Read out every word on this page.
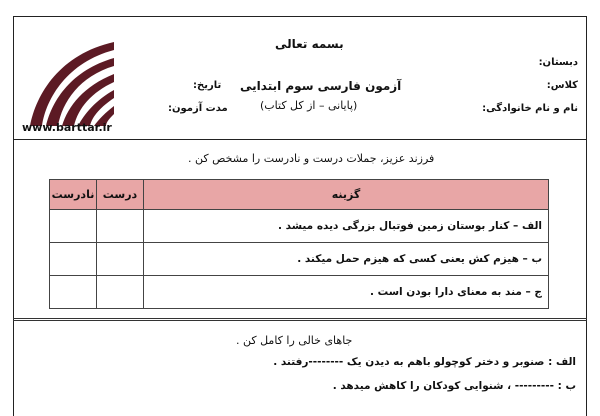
بسمه تعالی
آزمون فارسی سوم ابتدایی
(پایانی – از کل کتاب)
دبستان:
کلاس:
نام و نام خانوادگی:
تاریخ:
مدت آزمون:
www.barttar.ir
فرزند عزیز، جملات درست و نادرست را مشخص کن .
گزینه	درست	نادرست
الف – کنار بوستان زمین فوتبال بزرگی دیده میشد .		
ب – هیزم کش یعنی کسی که هیزم حمل میکند .		
ج – مند به معنای دارا بودن است .		
جاهای خالی را کامل کن .
الف : صنوبر و دختر کوچولو باهم به دیدن یک --------رفتند .
ب : --------- ، شنوایی کودکان را کاهش میدهد .
